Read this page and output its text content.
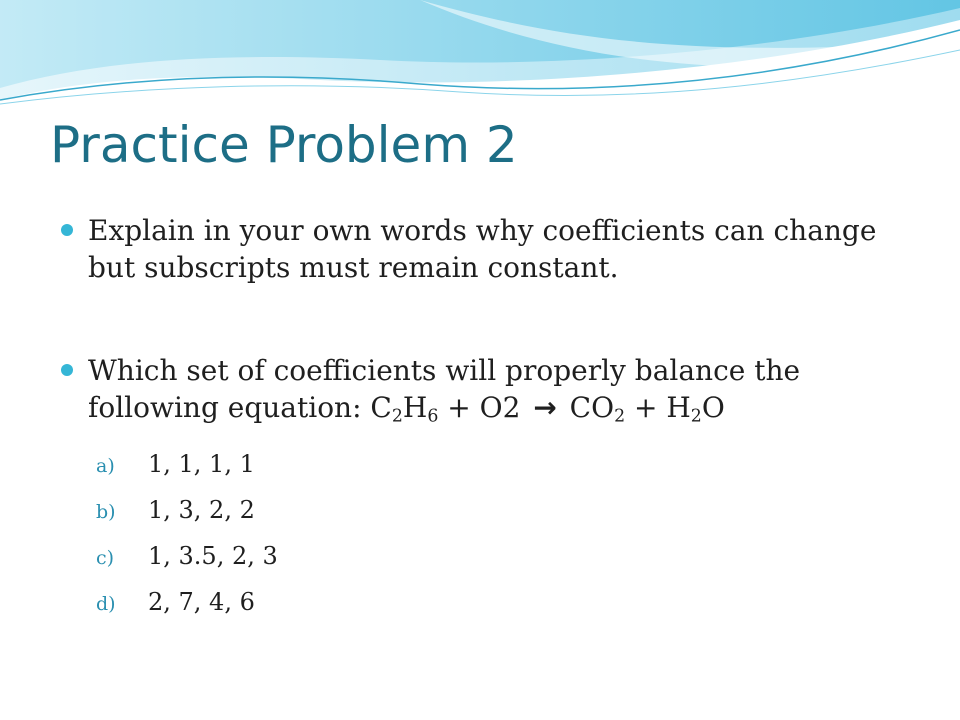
Practice Problem 2
Explain in your own words why coefficients can change but subscripts must remain constant.
Which set of coefficients will properly balance the following equation: $C_2H_6 + O2 \to CO_2 + H_2O$
a) 1, 1, 1, 1
b) 1, 3, 2, 2
c) 1, 3.5, 2, 3
d) 2, 7, 4, 6
